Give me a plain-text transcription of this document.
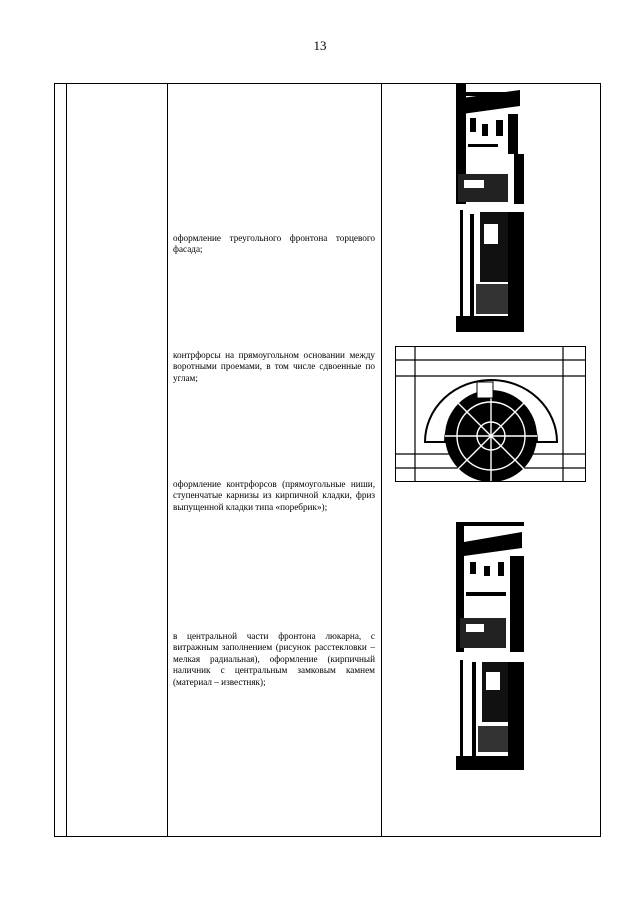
13
оформление треугольного фронтона торцевого фасада;
контрфорсы на прямоугольном основании между воротными проемами, в том числе сдвоенные по углам;
оформление контрфорсов (прямоугольные ниши, ступенчатые карнизы из кирпичной кладки, фриз выпущенной кладки типа «поребрик»);
в центральной части фронтона люкарна, с витражным заполнением (рисунок расстекловки – мелкая радиальная), оформление (кирпичный наличник с центральным замковым камнем (материал – известняк);
